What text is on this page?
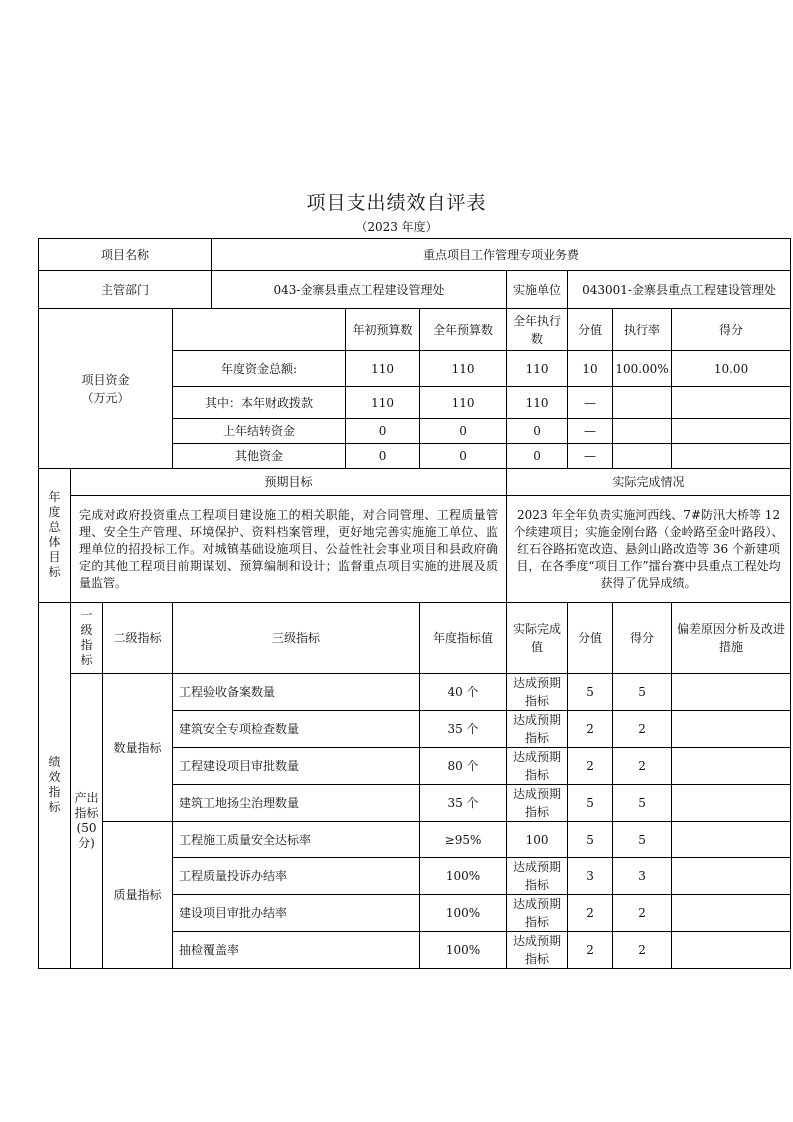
项目支出绩效自评表
（2023 年度）
项目名称				重点项目工作管理专项业务费						
主管部门				043-金寨县重点工程建设管理处			实施单位	043001-金寨县重点工程建设管理处		
项目资金
（万元）					年初预算数	全年预算数	全年执行数	分值	执行率	得分
			年度资金总额:		110	110	110	10	100.00%	10.00
			其中：本年财政拨款		110	110	110	—		
			上年结转资金		0	0	0	—		
			其他资金		0	0	0	—		
年度总体目标	预期目标						实际完成情况			
	完成对政府投资重点工程项目建设施工的相关职能，对合同管理、工程质量管理、安全生产管理、环境保护、资料档案管理，更好地完善实施施工单位、监理单位的招投标工作。对城镇基础设施项目、公益性社会事业项目和县政府确定的其他工程项目前期谋划、预算编制和设计；监督重点项目实施的进展及质量监管。						2023 年全年负责实施河西线、7#防汛大桥等 12 个续建项目；实施金刚台路（金岭路至金叶路段）、红石谷路拓宽改造、悬剑山路改造等 36 个新建项目，在各季度“项目工作”擂台赛中县重点工程处均获得了优异成绩。			
绩效指标	一级指标	二级指标	三级指标			年度指标值	实际完成值	分值	得分	偏差原因分析及改进措施
	产出指标(50分)	数量指标	工程验收备案数量			40 个	达成预期指标	5	5	
			建筑安全专项检查数量			35 个	达成预期指标	2	2	
			工程建设项目审批数量			80 个	达成预期指标	2	2	
			建筑工地扬尘治理数量			35 个	达成预期指标	5	5	
		质量指标	工程施工质量安全达标率			≥95%	100	5	5	
			工程质量投诉办结率			100%	达成预期指标	3	3	
			建设项目审批办结率			100%	达成预期指标	2	2	
			抽检覆盖率			100%	达成预期指标	2	2	
